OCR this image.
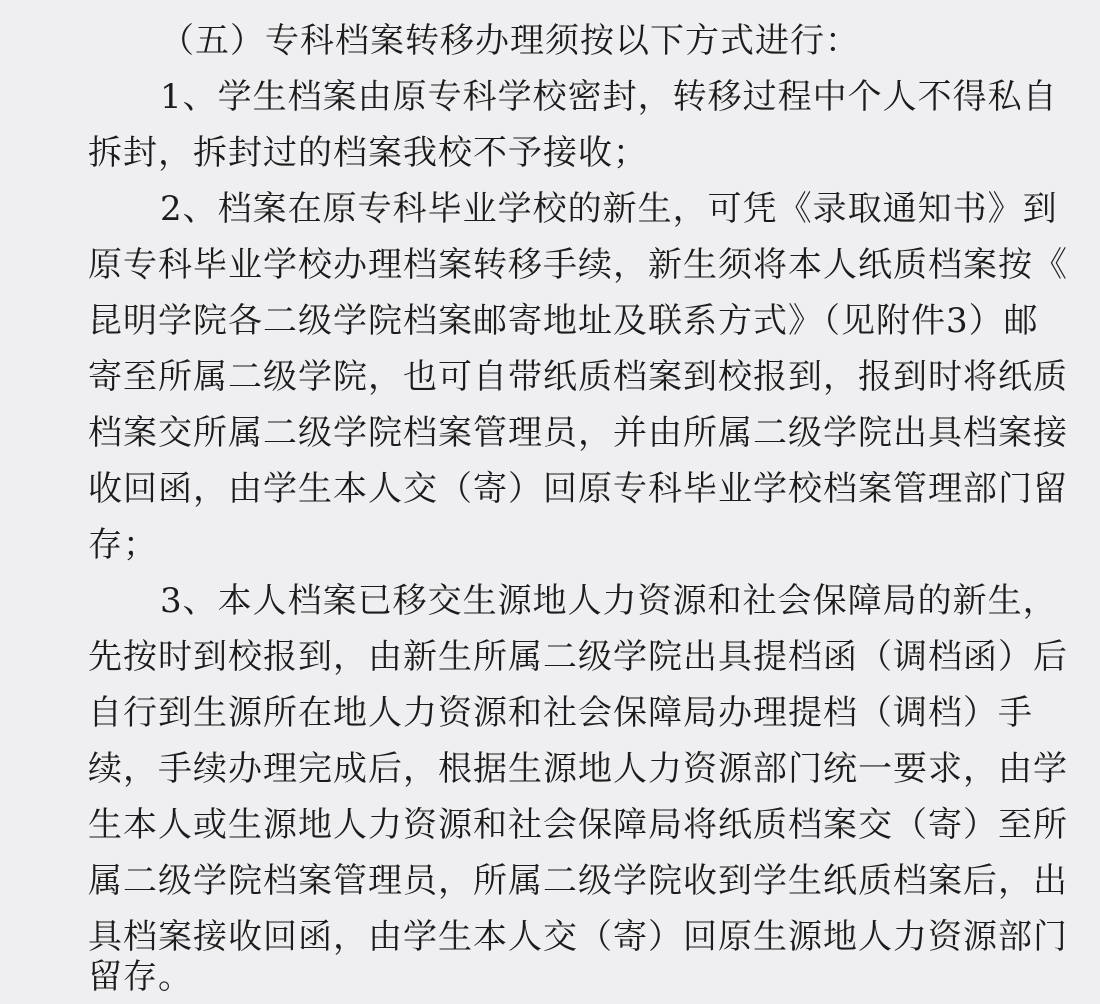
（五）专科档案转移办理须按以下方式进行：
1、学生档案由原专科学校密封，转移过程中个人不得私自
拆封，拆封过的档案我校不予接收；
2、档案在原专科毕业学校的新生，可凭《录取通知书》到
原专科毕业学校办理档案转移手续，新生须将本人纸质档案按《
昆明学院各二级学院档案邮寄地址及联系方式》（见附件3）邮
寄至所属二级学院，也可自带纸质档案到校报到，报到时将纸质
档案交所属二级学院档案管理员，并由所属二级学院出具档案接
收回函，由学生本人交（寄）回原专科毕业学校档案管理部门留
存；
3、本人档案已移交生源地人力资源和社会保障局的新生，
先按时到校报到，由新生所属二级学院出具提档函（调档函）后
自行到生源所在地人力资源和社会保障局办理提档（调档）手
续，手续办理完成后，根据生源地人力资源部门统一要求，由学
生本人或生源地人力资源和社会保障局将纸质档案交（寄）至所
属二级学院档案管理员，所属二级学院收到学生纸质档案后，出
具档案接收回函，由学生本人交（寄）回原生源地人力资源部门
留存。
